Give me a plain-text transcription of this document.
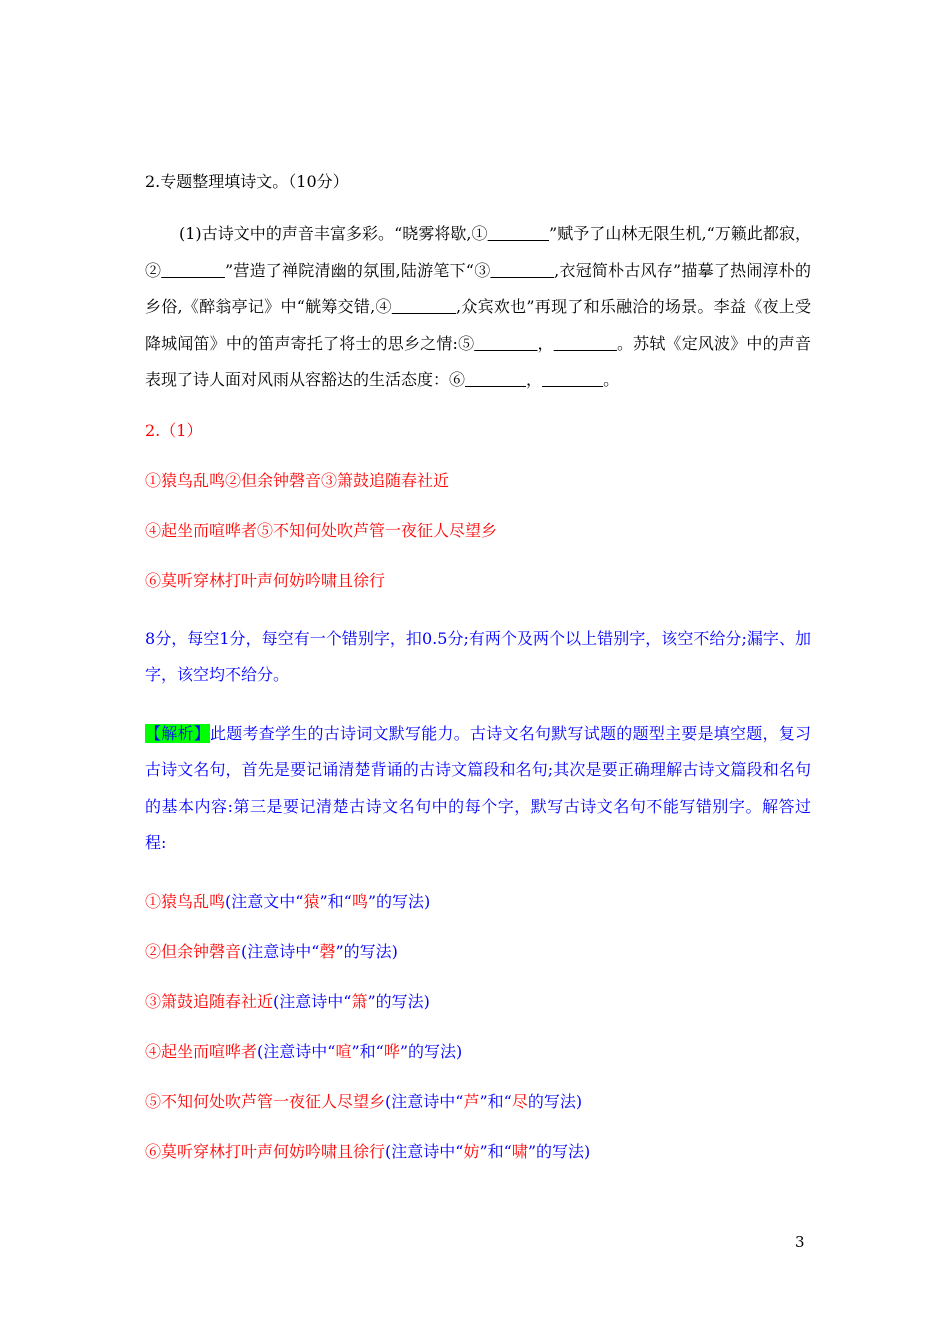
2.专题整理填诗文。（10分）

(1)古诗文中的声音丰富多彩。“晓雾将歇,①	”赋予了山林无限生机,“万籁此都寂，②	”营造了禅院清幽的氛围,陆游笔下“③	,衣冠简朴古风存”描摹了热闹淳朴的乡俗,《醉翁亭记》中“觥筹交错,④	,众宾欢也”再现了和乐融洽的场景。李益《夜上受降城闻笛》中的笛声寄托了将士的思乡之情:⑤	，	。苏轼《定风波》中的声音表现了诗人面对风雨从容豁达的生活态度：⑥	，	。

2.（1）

①猿鸟乱鸣②但余钟磬音③箫鼓追随春社近

④起坐而喧哗者⑤不知何处吹芦管一夜征人尽望乡

⑥莫听穿林打叶声何妨吟啸且徐行

8分，每空1分，每空有一个错别字，扣0.5分;有两个及两个以上错别字，该空不给分;漏字、加字，该空均不给分。

【解析】此题考查学生的古诗词文默写能力。古诗文名句默写试题的题型主要是填空题，复习古诗文名句，首先是要记诵清楚背诵的古诗文篇段和名句;其次是要正确理解古诗文篇段和名句的基本内容:第三是要记清楚古诗文名句中的每个字，默写古诗文名句不能写错别字。解答过程:

①猿鸟乱鸣(注意文中“猿”和“鸣”的写法)

②但余钟磬音(注意诗中“磬”的写法)

③箫鼓追随春社近(注意诗中“箫”的写法)

④起坐而喧哗者(注意诗中“喧”和“哗”的写法)

⑤不知何处吹芦管一夜征人尽望乡(注意诗中“芦”和“尽的写法)

⑥莫听穿林打叶声何妨吟啸且徐行(注意诗中“妨”和“啸”的写法)

3
